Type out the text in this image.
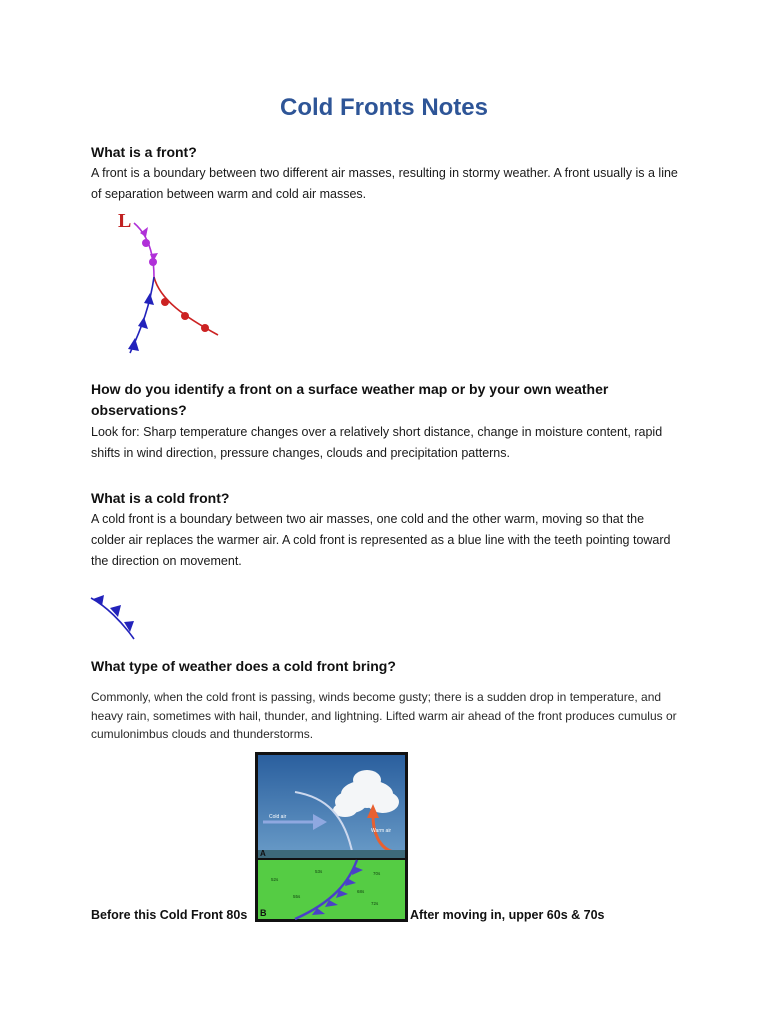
Cold Fronts Notes
What is a front?

A front is a boundary between two different air masses, resulting in stormy weather. A front usually is a line of separation between warm and cold air masses.

L
How do you identify a front on a surface weather map or by your own weather observations?

Look for: Sharp temperature changes over a relatively short distance, change in moisture content, rapid shifts in wind direction, pressure changes, clouds and precipitation patterns.

What is a cold front?

A cold front is a boundary between two air masses, one cold and the other warm, moving so that the colder air replaces the warmer air. A cold front is represented as a blue line with the teeth pointing toward the direction on movement.

What type of weather does a cold front bring?

Commonly, when the cold front is passing, winds become gusty; there is a sudden drop in temperature, and heavy rain, sometimes with hail, thunder, and lightning. Lifted warm air ahead of the front produces cumulus or cumulonimbus clouds and thunderstorms.

Cold air
Warm air
A
52s
53s
55s
68s
70s
72s
B
Before this Cold Front 80s	After moving in, upper 60s & 70s
